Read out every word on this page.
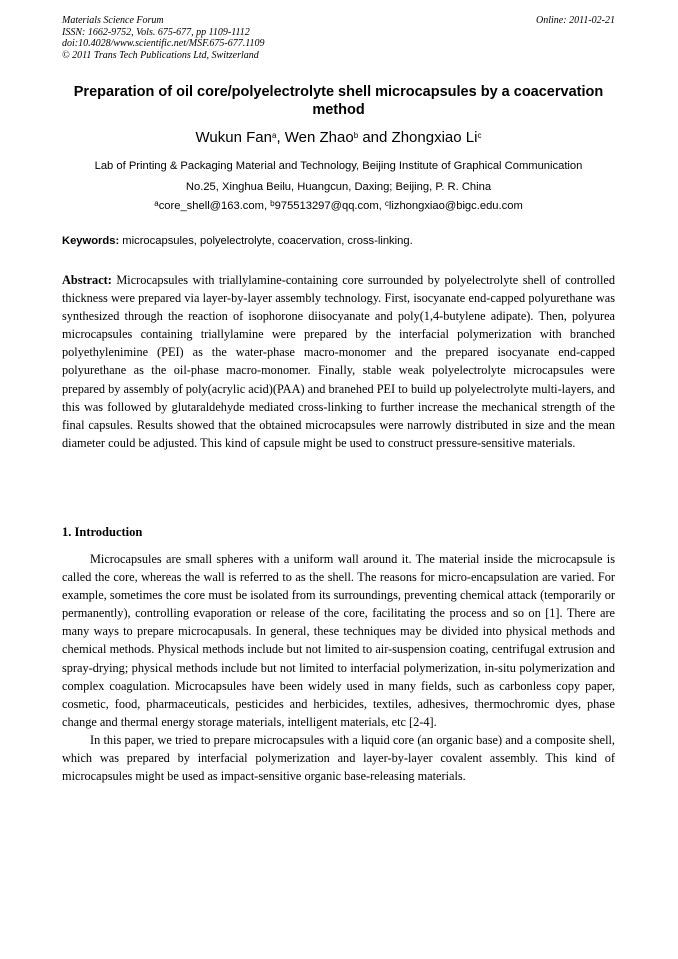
Materials Science Forum
ISSN: 1662-9752, Vols. 675-677, pp 1109-1112
doi:10.4028/www.scientific.net/MSF.675-677.1109
© 2011 Trans Tech Publications Ltd, Switzerland
Online: 2011-02-21
Preparation of oil core/polyelectrolyte shell microcapsules by a coacervation method
Wukun Fan$^a$, Wen Zhao$^b$ and Zhongxiao Li$^c$
Lab of Printing & Packaging Material and Technology, Beijing Institute of Graphical Communication
No.25, Xinghua Beilu, Huangcun, Daxing; Beijing, P. R. China
$^a$core_shell@163.com, $^b$975513297@qq.com, $^c$lizhongxiao@bigc.edu.com
Keywords: microcapsules, polyelectrolyte, coacervation, cross-linking.
Abstract: Microcapsules with triallylamine-containing core surrounded by polyelectrolyte shell of controlled thickness were prepared via layer-by-layer assembly technology. First, isocyanate end-capped polyurethane was synthesized through the reaction of isophorone diisocyanate and poly(1,4-butylene adipate). Then, polyurea microcapsules containing triallylamine were prepared by the interfacial polymerization with branched polyethylenimine (PEI) as the water-phase macro-monomer and the prepared isocyanate end-capped polyurethane as the oil-phase macro-monomer. Finally, stable weak polyelectrolyte microcapsules were prepared by assembly of poly(acrylic acid)(PAA) and branehed PEI to build up polyelectrolyte multi-layers, and this was followed by glutaraldehyde mediated cross-linking to further increase the mechanical strength of the final capsules. Results showed that the obtained microcapsules were narrowly distributed in size and the mean diameter could be adjusted. This kind of capsule might be used to construct pressure-sensitive materials.
1. Introduction

Microcapsules are small spheres with a uniform wall around it. The material inside the microcapsule is called the core, whereas the wall is referred to as the shell. The reasons for micro-encapsulation are varied. For example, sometimes the core must be isolated from its surroundings, preventing chemical attack (temporarily or permanently), controlling evaporation or release of the core, facilitating the process and so on [1]. There are many ways to prepare microcapusals. In general, these techniques may be divided into physical methods and chemical methods. Physical methods include but not limited to air-suspension coating, centrifugal extrusion and spray-drying; physical methods include but not limited to interfacial polymerization, in-situ polymerization and complex coagulation. Microcapsules have been widely used in many fields, such as carbonless copy paper, cosmetic, food, pharmaceuticals, pesticides and herbicides, textiles, adhesives, thermochromic dyes, phase change and thermal energy storage materials, intelligent materials, etc [2-4].

In this paper, we tried to prepare microcapsules with a liquid core (an organic base) and a composite shell, which was prepared by interfacial polymerization and layer-by-layer covalent assembly. This kind of microcapsules might be used as impact-sensitive organic base-releasing materials.
